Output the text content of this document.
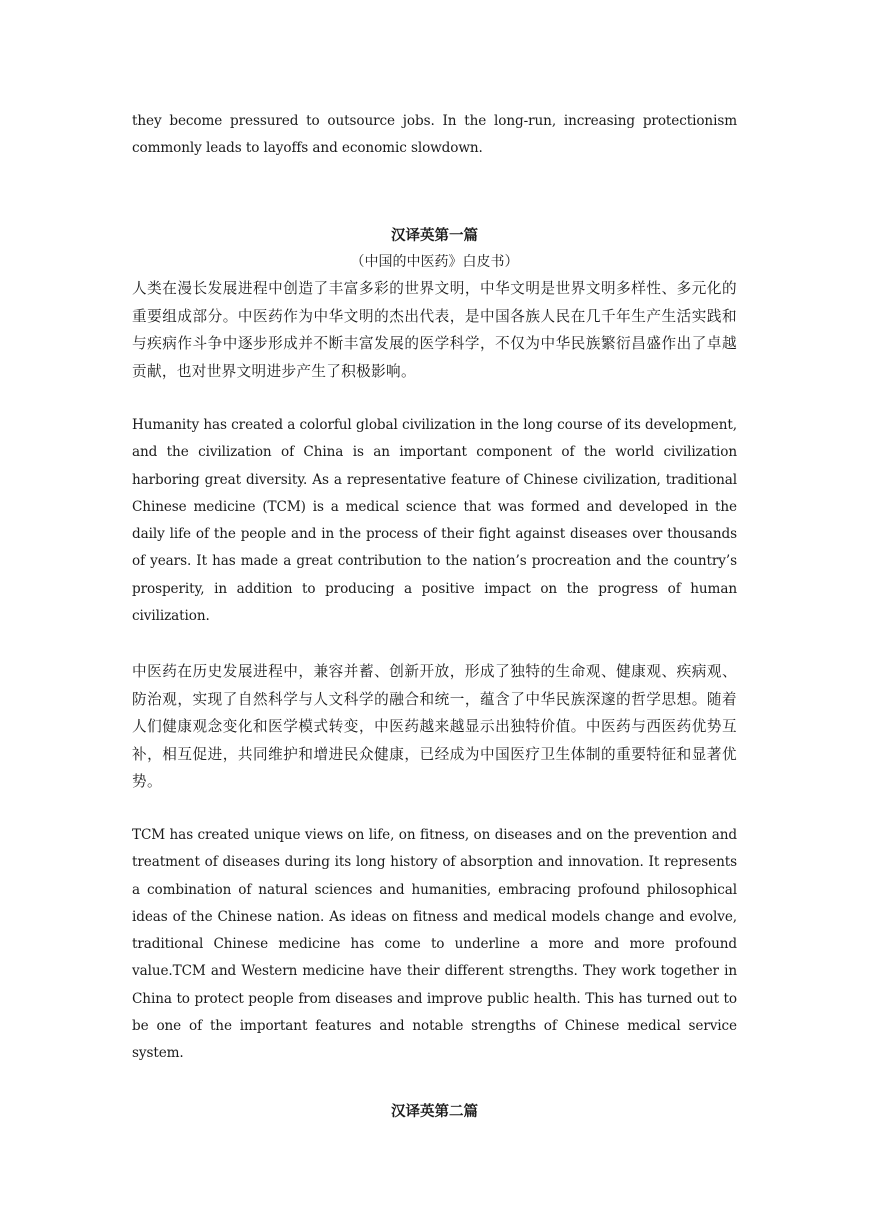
they become pressured to outsource jobs. In the long-run, increasing protectionism commonly leads to layoffs and economic slowdown.

汉译英第一篇
（中国的中医药》白皮书）

人类在漫长发展进程中创造了丰富多彩的世界文明，中华文明是世界文明多样性、多元化的重要组成部分。中医药作为中华文明的杰出代表，是中国各族人民在几千年生产生活实践和与疾病作斗争中逐步形成并不断丰富发展的医学科学，不仅为中华民族繁衍昌盛作出了卓越贡献，也对世界文明进步产生了积极影响。

Humanity has created a colorful global civilization in the long course of its development, and the civilization of China is an important component of the world civilization harboring great diversity. As a representative feature of Chinese civilization, traditional Chinese medicine (TCM) is a medical science that was formed and developed in the daily life of the people and in the process of their fight against diseases over thousands of years. It has made a great contribution to the nation’s procreation and the country’s prosperity, in addition to producing a positive impact on the progress of human civilization.

中医药在历史发展进程中，兼容并蓄、创新开放，形成了独特的生命观、健康观、疾病观、防治观，实现了自然科学与人文科学的融合和统一，蕴含了中华民族深邃的哲学思想。随着人们健康观念变化和医学模式转变，中医药越来越显示出独特价值。中医药与西医药优势互补，相互促进，共同维护和增进民众健康，已经成为中国医疗卫生体制的重要特征和显著优势。

TCM has created unique views on life, on fitness, on diseases and on the prevention and treatment of diseases during its long history of absorption and innovation. It represents a combination of natural sciences and humanities, embracing profound philosophical ideas of the Chinese nation. As ideas on fitness and medical models change and evolve, traditional Chinese medicine has come to underline a more and more profound value.TCM and Western medicine have their different strengths. They work together in China to protect people from diseases and improve public health. This has turned out to be one of the important features and notable strengths of Chinese medical service system.

汉译英第二篇
